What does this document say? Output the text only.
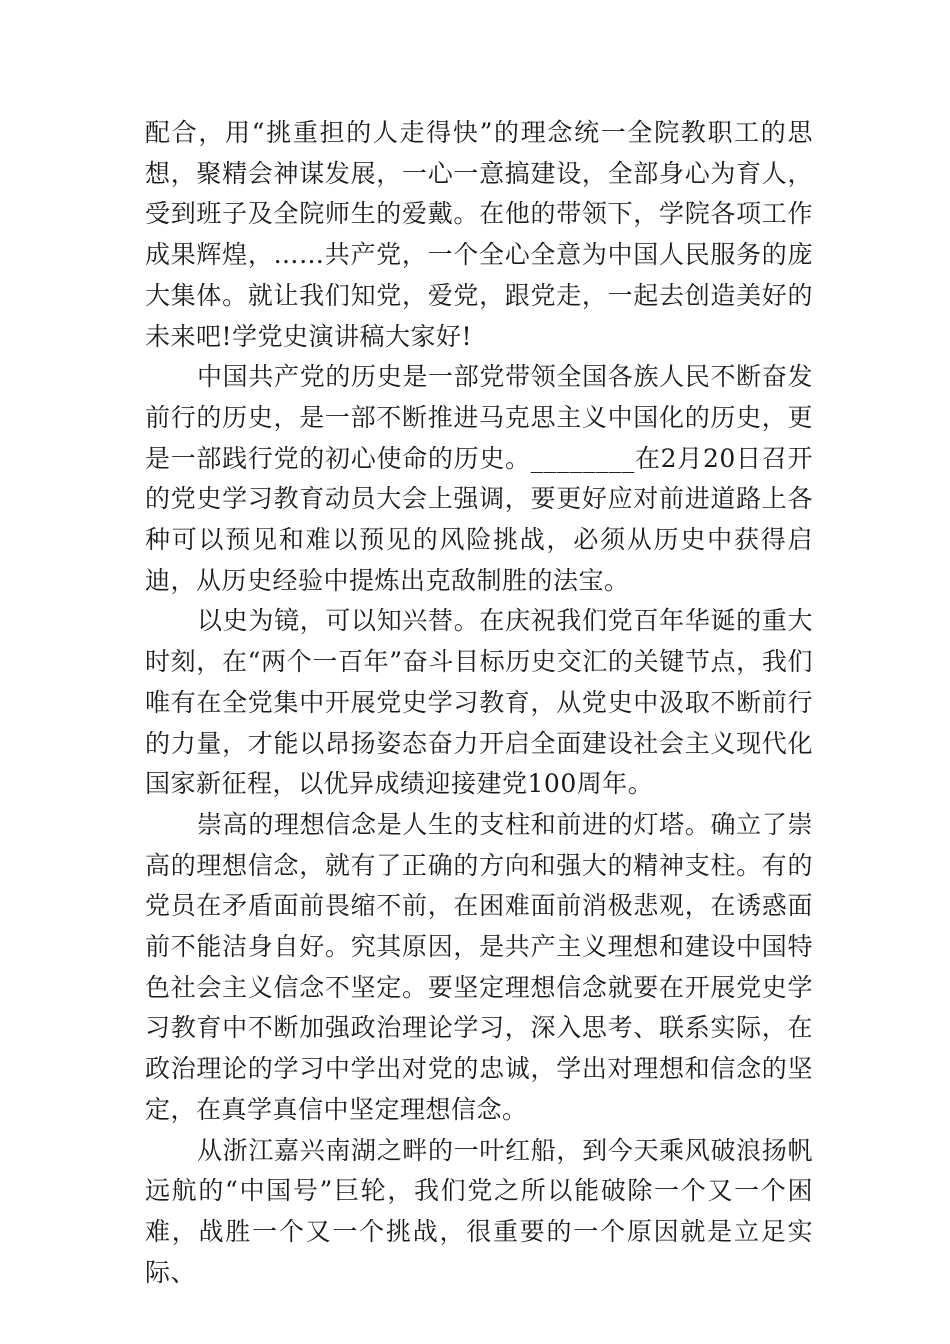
配合，用“挑重担的人走得快”的理念统一全院教职工的思想，聚精会神谋发展，一心一意搞建设，全部身心为育人，受到班子及全院师生的爱戴。在他的带领下，学院各项工作成果辉煌，……共产党，一个全心全意为中国人民服务的庞大集体。就让我们知党，爱党，跟党走，一起去创造美好的未来吧!学党史演讲稿大家好!

中国共产党的历史是一部党带领全国各族人民不断奋发前行的历史，是一部不断推进马克思主义中国化的历史，更是一部践行党的初心使命的历史。________在2月20日召开的党史学习教育动员大会上强调，要更好应对前进道路上各种可以预见和难以预见的风险挑战，必须从历史中获得启迪，从历史经验中提炼出克敌制胜的法宝。

以史为镜，可以知兴替。在庆祝我们党百年华诞的重大时刻，在“两个一百年”奋斗目标历史交汇的关键节点，我们唯有在全党集中开展党史学习教育，从党史中汲取不断前行的力量，才能以昂扬姿态奋力开启全面建设社会主义现代化国家新征程，以优异成绩迎接建党100周年。

崇高的理想信念是人生的支柱和前进的灯塔。确立了崇高的理想信念，就有了正确的方向和强大的精神支柱。有的党员在矛盾面前畏缩不前，在困难面前消极悲观，在诱惑面前不能洁身自好。究其原因，是共产主义理想和建设中国特色社会主义信念不坚定。要坚定理想信念就要在开展党史学习教育中不断加强政治理论学习，深入思考、联系实际，在政治理论的学习中学出对党的忠诚，学出对理想和信念的坚定，在真学真信中坚定理想信念。

从浙江嘉兴南湖之畔的一叶红船，到今天乘风破浪扬帆远航的“中国号”巨轮，我们党之所以能破除一个又一个困难，战胜一个又一个挑战，很重要的一个原因就是立足实际、
